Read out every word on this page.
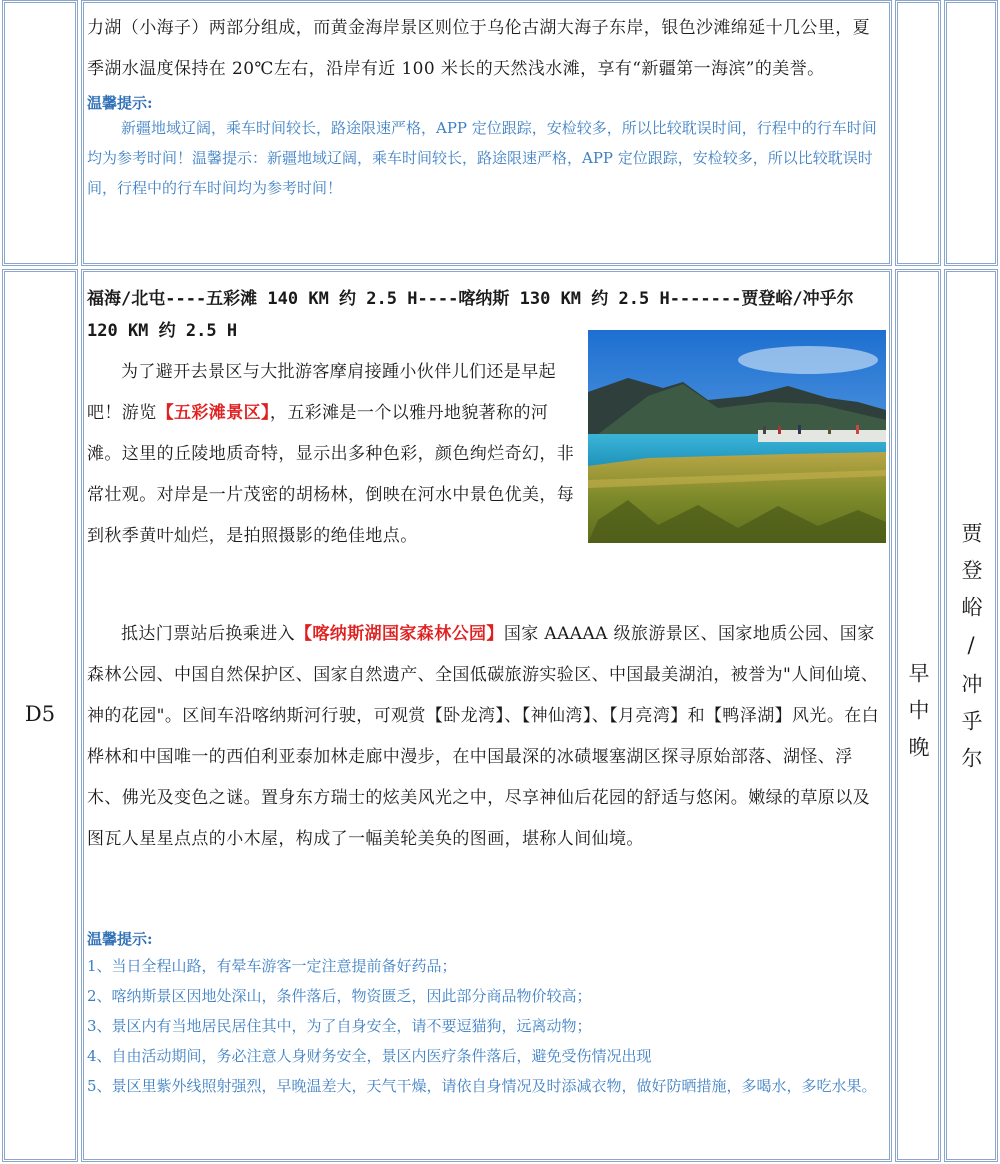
力湖（小海子）两部分组成，而黄金海岸景区则位于乌伦古湖大海子东岸，银色沙滩绵延十几公里，夏季湖水温度保持在 20℃左右，沿岸有近 100 米长的天然浅水滩，享有“新疆第一海滨”的美誉。

温馨提示:

新疆地域辽阔，乘车时间较长，路途限速严格，APP 定位跟踪，安检较多，所以比较耽误时间，行程中的行车时间均为参考时间！温馨提示：新疆地域辽阔，乘车时间较长，路途限速严格，APP 定位跟踪，安检较多，所以比较耽误时间，行程中的行车时间均为参考时间！

D5	早中晚	贾登峪/冲乎尔

福海/北屯----五彩滩 140 KM 约 2.5 H----喀纳斯 130 KM 约 2.5 H-------贾登峪/冲乎尔 120 KM 约 2.5 H

为了避开去景区与大批游客摩肩接踵小伙伴儿们还是早起吧！游览【五彩滩景区】，五彩滩是一个以雅丹地貌著称的河滩。这里的丘陵地质奇特，显示出多种色彩，颜色绚烂奇幻，非常壮观。对岸是一片茂密的胡杨林，倒映在河水中景色优美，每到秋季黄叶灿烂，是拍照摄影的绝佳地点。

抵达门票站后换乘进入【喀纳斯湖国家森林公园】国家 AAAAA 级旅游景区、国家地质公园、国家森林公园、中国自然保护区、国家自然遗产、全国低碳旅游实验区、中国最美湖泊，被誉为"人间仙境、神的花园"。区间车沿喀纳斯河行驶，可观赏【卧龙湾】、【神仙湾】、【月亮湾】和【鸭泽湖】风光。在白桦林和中国唯一的西伯利亚泰加林走廊中漫步，在中国最深的冰碛堰塞湖区探寻原始部落、湖怪、浮木、佛光及变色之谜。置身东方瑞士的炫美风光之中，尽享神仙后花园的舒适与悠闲。嫩绿的草原以及图瓦人星星点点的小木屋，构成了一幅美轮美奂的图画，堪称人间仙境。

温馨提示:

1、当日全程山路，有晕车游客一定注意提前备好药品；

2、喀纳斯景区因地处深山，条件落后，物资匮乏，因此部分商品物价较高；

3、景区内有当地居民居住其中，为了自身安全，请不要逗猫狗，远离动物；

4、自由活动期间，务必注意人身财务安全，景区内医疗条件落后，避免受伤情况出现

5、景区里紫外线照射强烈，早晚温差大，天气干燥，请依自身情况及时添减衣物，做好防晒措施，多喝水，多吃水果。
